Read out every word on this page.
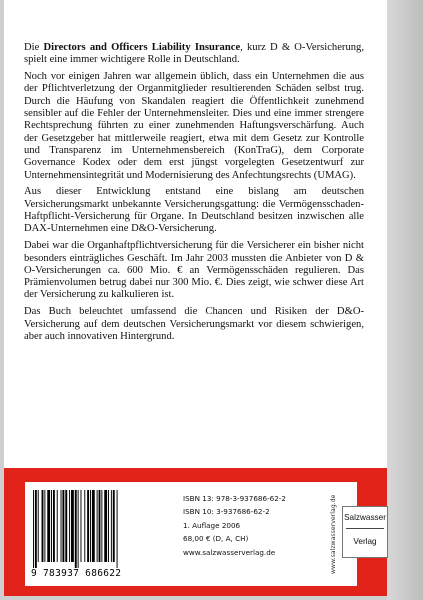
Die Directors and Officers Liability Insurance, kurz D & O-Versicherung, spielt eine immer wichtigere Rolle in Deutschland.

Noch vor einigen Jahren war allgemein üblich, dass ein Unternehmen die aus der Pflichtverletzung der Organmitglieder resultierenden Schäden selbst trug. Durch die Häufung von Skandalen reagiert die Öffentlichkeit zunehmend sensibler auf die Fehler der Unternehmensleiter. Dies und eine immer strengere Rechtsprechung führten zu einer zunehmenden Haftungsverschärfung. Auch der Gesetzgeber hat mittlerweile reagiert, etwa mit dem Gesetz zur Kontrolle und Transparenz im Unternehmensbereich (KonTraG), dem Corporate Governance Kodex oder dem erst jüngst vorgelegten Gesetzentwurf zur Unternehmensintegrität und Modernisierung des Anfechtungsrechts (UMAG).

Aus dieser Entwicklung entstand eine bislang am deutschen Versicherungsmarkt unbekannte Versicherungsgattung: die Vermögensschaden-Haftpflicht-Versicherung für Organe. In Deutschland besitzen inzwischen alle DAX-Unternehmen eine D&O-Versicherung.

Dabei war die Organhaftpflichtversicherung für die Versicherer ein bisher nicht besonders einträgliches Geschäft. Im Jahr 2003 mussten die Anbieter von D & O-Versicherungen ca. 600 Mio. € an Vermögensschäden regulieren. Das Prämienvolumen betrug dabei nur 300 Mio. €. Dies zeigt, wie schwer diese Art der Versicherung zu kalkulieren ist.

Das Buch beleuchtet umfassend die Chancen und Risiken der D&O-Versicherung auf dem deutschen Versicherungsmarkt vor diesem schwierigen, aber auch innovativen Hintergrund.

9 783937 686622
ISBN 13: 978-3-937686-62-2
ISBN 10: 3-937686-62-2
1. Auflage 2006
68,00 € (D, A, CH)
www.salzwasserverlag.de	www.salzwasserverlag.de Salzwasser
Verlag
